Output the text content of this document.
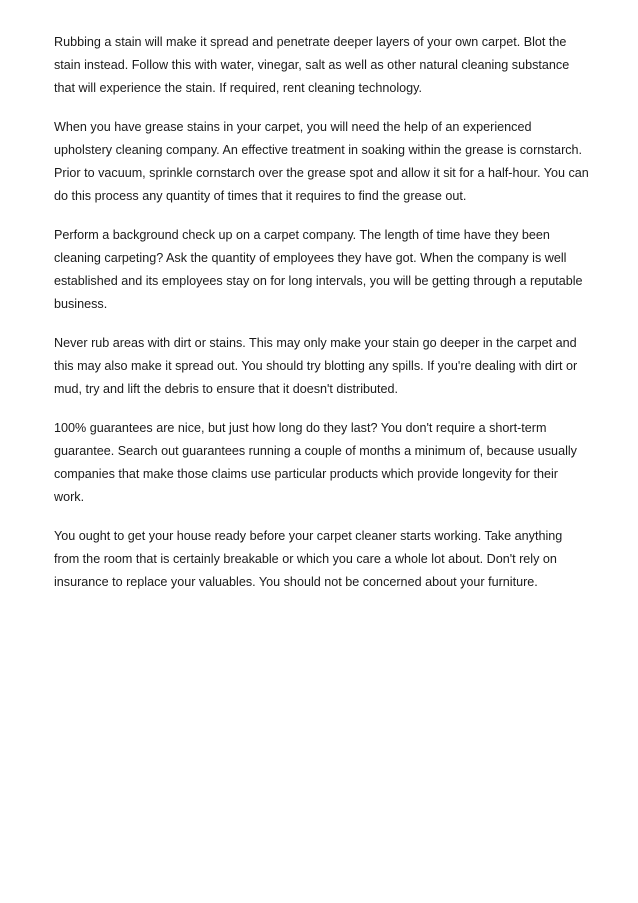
Rubbing a stain will make it spread and penetrate deeper layers of your own carpet. Blot the stain instead. Follow this with water, vinegar, salt as well as other natural cleaning substance that will experience the stain. If required, rent cleaning technology.

When you have grease stains in your carpet, you will need the help of an experienced upholstery cleaning company. An effective treatment in soaking within the grease is cornstarch. Prior to vacuum, sprinkle cornstarch over the grease spot and allow it sit for a half-hour. You can do this process any quantity of times that it requires to find the grease out.

Perform a background check up on a carpet company. The length of time have they been cleaning carpeting? Ask the quantity of employees they have got. When the company is well established and its employees stay on for long intervals, you will be getting through a reputable business.

Never rub areas with dirt or stains. This may only make your stain go deeper in the carpet and this may also make it spread out. You should try blotting any spills. If you're dealing with dirt or mud, try and lift the debris to ensure that it doesn't distributed.

100% guarantees are nice, but just how long do they last? You don't require a short-term guarantee. Search out guarantees running a couple of months a minimum of, because usually companies that make those claims use particular products which provide longevity for their work.

You ought to get your house ready before your carpet cleaner starts working. Take anything from the room that is certainly breakable or which you care a whole lot about. Don't rely on insurance to replace your valuables. You should not be concerned about your furniture.
